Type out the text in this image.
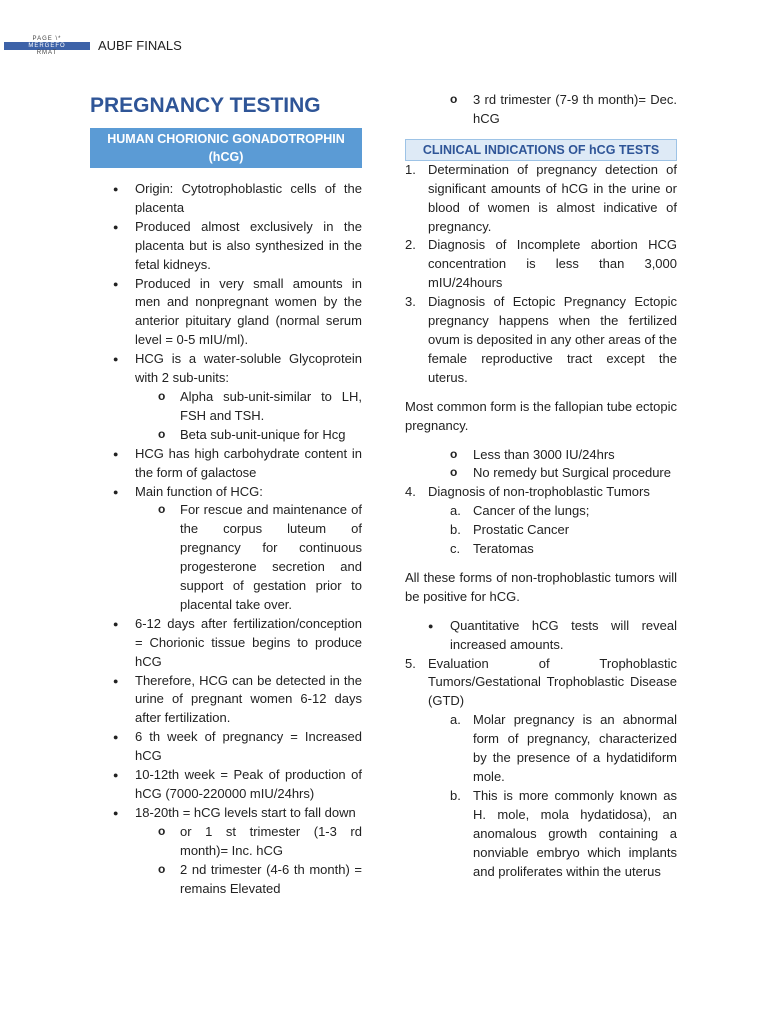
PAGE \*
MERGEFO
RMAT	AUBF FINALS
PREGNANCY TESTING
HUMAN CHORIONIC GONADOTROPHIN (hCG)
● Origin: Cytotrophoblastic cells of the placenta
● Produced almost exclusively in the placenta but is also synthesized in the fetal kidneys.
● Produced in very small amounts in men and nonpregnant women by the anterior pituitary gland (normal serum level = 0-5 mIU/ml).
● HCG is a water-soluble Glycoprotein with 2 sub-units:
o Alpha sub-unit-similar to LH, FSH and TSH.
o Beta sub-unit-unique for Hcg
● HCG has high carbohydrate content in the form of galactose
● Main function of HCG:
o For rescue and maintenance of the corpus luteum of pregnancy for continuous progesterone secretion and support of gestation prior to placental take over.
● 6-12 days after fertilization/conception = Chorionic tissue begins to produce hCG
● Therefore, HCG can be detected in the urine of pregnant women 6-12 days after fertilization.
● 6 th week of pregnancy = Increased hCG
● 10-12th week = Peak of production of hCG (7000-220000 mIU/24hrs)
● 18-20th = hCG levels start to fall down
o or 1 st trimester (1-3 rd month)= Inc. hCG
o 2 nd trimester (4-6 th month) = remains Elevated
o 3 rd trimester (7-9 th month)= Dec. hCG
CLINICAL INDICATIONS OF hCG TESTS
1. Determination of pregnancy detection of significant amounts of hCG in the urine or blood of women is almost indicative of pregnancy.
2. Diagnosis of Incomplete abortion HCG concentration is less than 3,000 mIU/24hours
3. Diagnosis of Ectopic Pregnancy Ectopic pregnancy happens when the fertilized ovum is deposited in any other areas of the female reproductive tract except the uterus.
Most common form is the fallopian tube ectopic pregnancy.
o Less than 3000 IU/24hrs
o No remedy but Surgical procedure
4. Diagnosis of non-trophoblastic Tumors
a. Cancer of the lungs;
b. Prostatic Cancer
c. Teratomas
All these forms of non-trophoblastic tumors will be positive for hCG.
● Quantitative hCG tests will reveal increased amounts.
5. Evaluation of Trophoblastic Tumors/Gestational Trophoblastic Disease (GTD)
a. Molar pregnancy is an abnormal form of pregnancy, characterized by the presence of a hydatidiform mole.
b. This is more commonly known as H. mole, mola hydatidosa), an anomalous growth containing a nonviable embryo which implants and proliferates within the uterus
